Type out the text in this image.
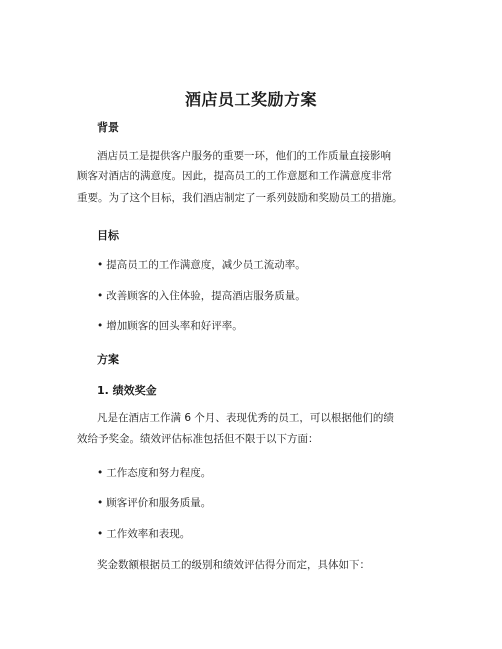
酒店员工奖励方案
背景
酒店员工是提供客户服务的重要一环，他们的工作质量直接影响
顾客对酒店的满意度。因此，提高员工的工作意愿和工作满意度非常
重要。为了这个目标，我们酒店制定了一系列鼓励和奖励员工的措施。
目标
• 提高员工的工作满意度，减少员工流动率。
• 改善顾客的入住体验，提高酒店服务质量。
• 增加顾客的回头率和好评率。
方案
1. 绩效奖金
凡是在酒店工作满 6 个月、表现优秀的员工，可以根据他们的绩
效给予奖金。绩效评估标准包括但不限于以下方面：
• 工作态度和努力程度。
• 顾客评价和服务质量。
• 工作效率和表现。
奖金数额根据员工的级别和绩效评估得分而定，具体如下：
